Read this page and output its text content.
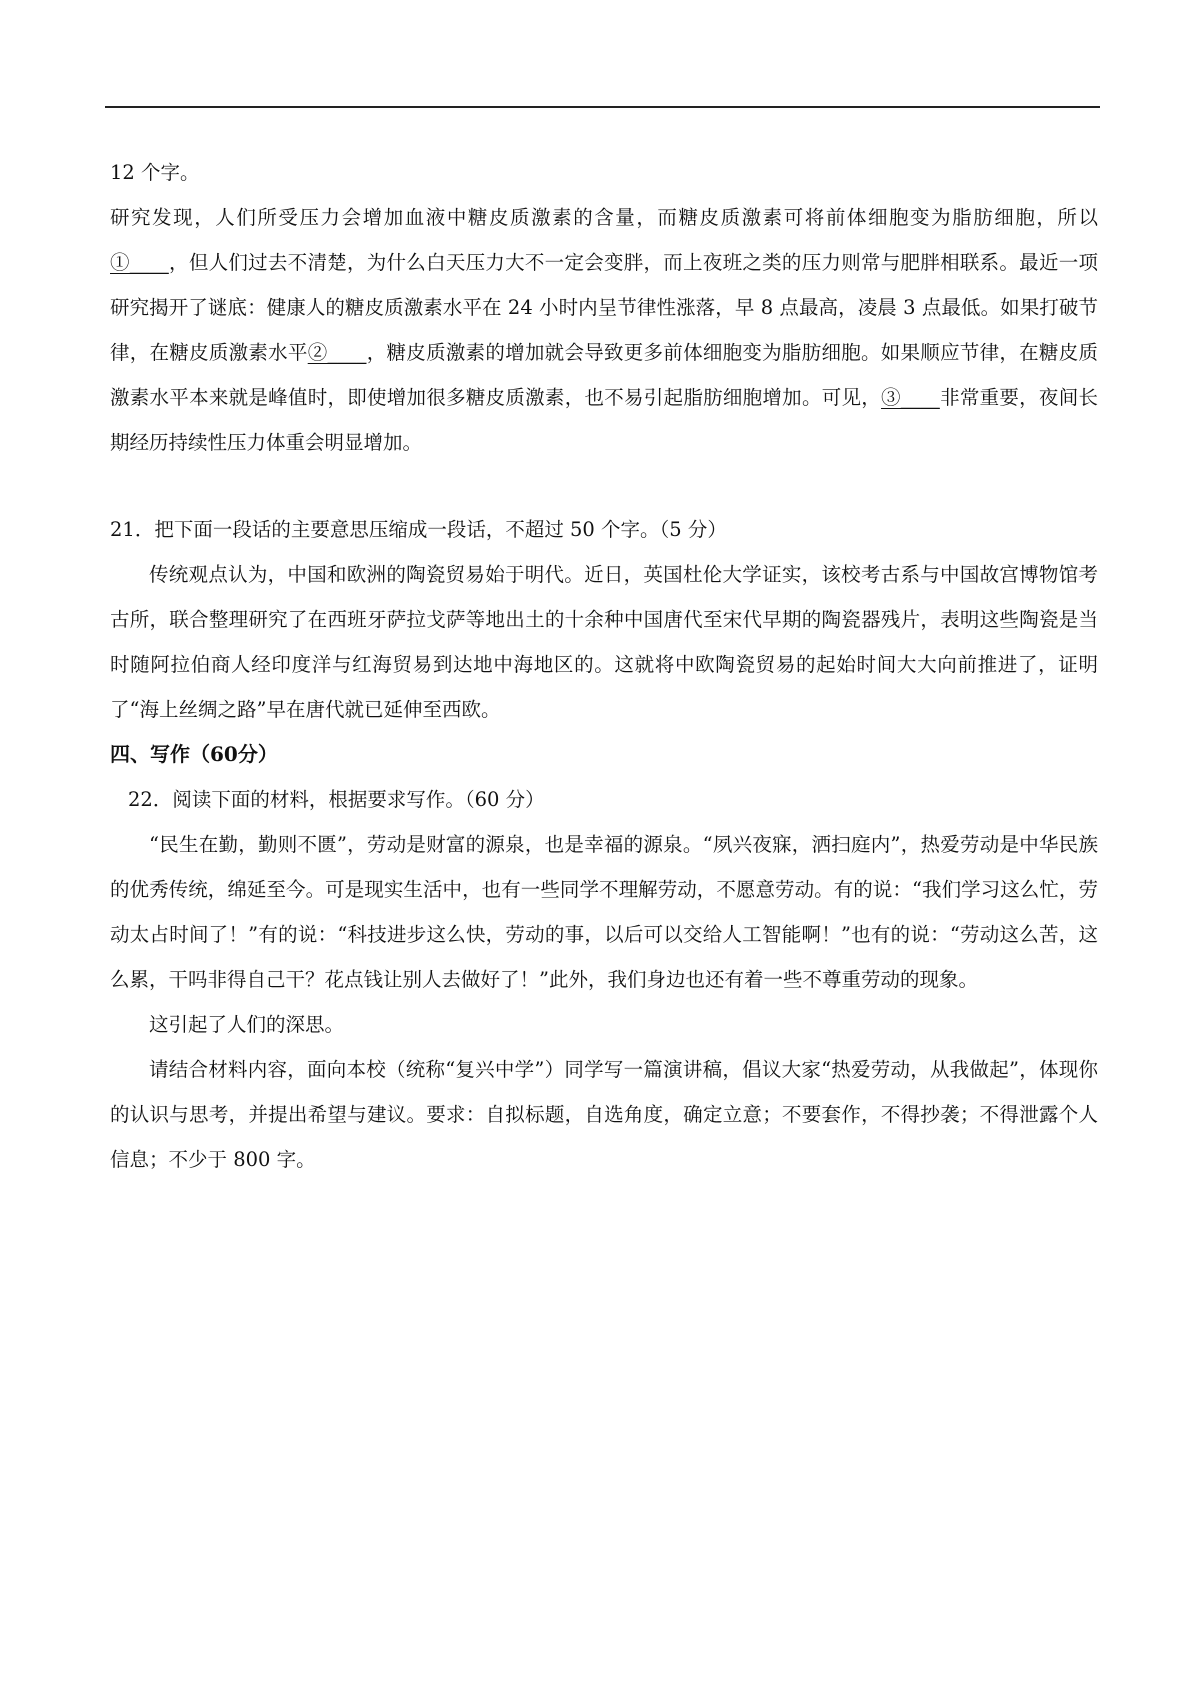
12 个字。

研究发现，人们所受压力会增加血液中糖皮质激素的含量，而糖皮质激素可将前体细胞变为脂肪细胞，所以①____，但人们过去不清楚，为什么白天压力大不一定会变胖，而上夜班之类的压力则常与肥胖相联系。最近一项研究揭开了谜底：健康人的糖皮质激素水平在 24 小时内呈节律性涨落，早 8 点最高，凌晨 3 点最低。如果打破节律，在糖皮质激素水平②____，糖皮质激素的增加就会导致更多前体细胞变为脂肪细胞。如果顺应节律，在糖皮质激素水平本来就是峰值时，即使增加很多糖皮质激素，也不易引起脂肪细胞增加。可见，③____非常重要，夜间长期经历持续性压力体重会明显增加。

21．把下面一段话的主要意思压缩成一段话，不超过 50 个字。（5 分）

传统观点认为，中国和欧洲的陶瓷贸易始于明代。近日，英国杜伦大学证实，该校考古系与中国故宫博物馆考古所，联合整理研究了在西班牙萨拉戈萨等地出土的十余种中国唐代至宋代早期的陶瓷器残片，表明这些陶瓷是当时随阿拉伯商人经印度洋与红海贸易到达地中海地区的。这就将中欧陶瓷贸易的起始时间大大向前推进了，证明了“海上丝绸之路”早在唐代就已延伸至西欧。

四、写作（60分）

22．阅读下面的材料，根据要求写作。（60 分）

“民生在勤，勤则不匮”，劳动是财富的源泉，也是幸福的源泉。“夙兴夜寐，洒扫庭内”，热爱劳动是中华民族的优秀传统，绵延至今。可是现实生活中，也有一些同学不理解劳动，不愿意劳动。有的说：“我们学习这么忙，劳动太占时间了！”有的说：“科技进步这么快，劳动的事，以后可以交给人工智能啊！”也有的说：“劳动这么苦，这么累，干吗非得自己干？花点钱让别人去做好了！”此外，我们身边也还有着一些不尊重劳动的现象。

这引起了人们的深思。

请结合材料内容，面向本校（统称“复兴中学”）同学写一篇演讲稿，倡议大家“热爱劳动，从我做起”，体现你的认识与思考，并提出希望与建议。要求：自拟标题，自选角度，确定立意；不要套作，不得抄袭；不得泄露个人信息；不少于 800 字。
